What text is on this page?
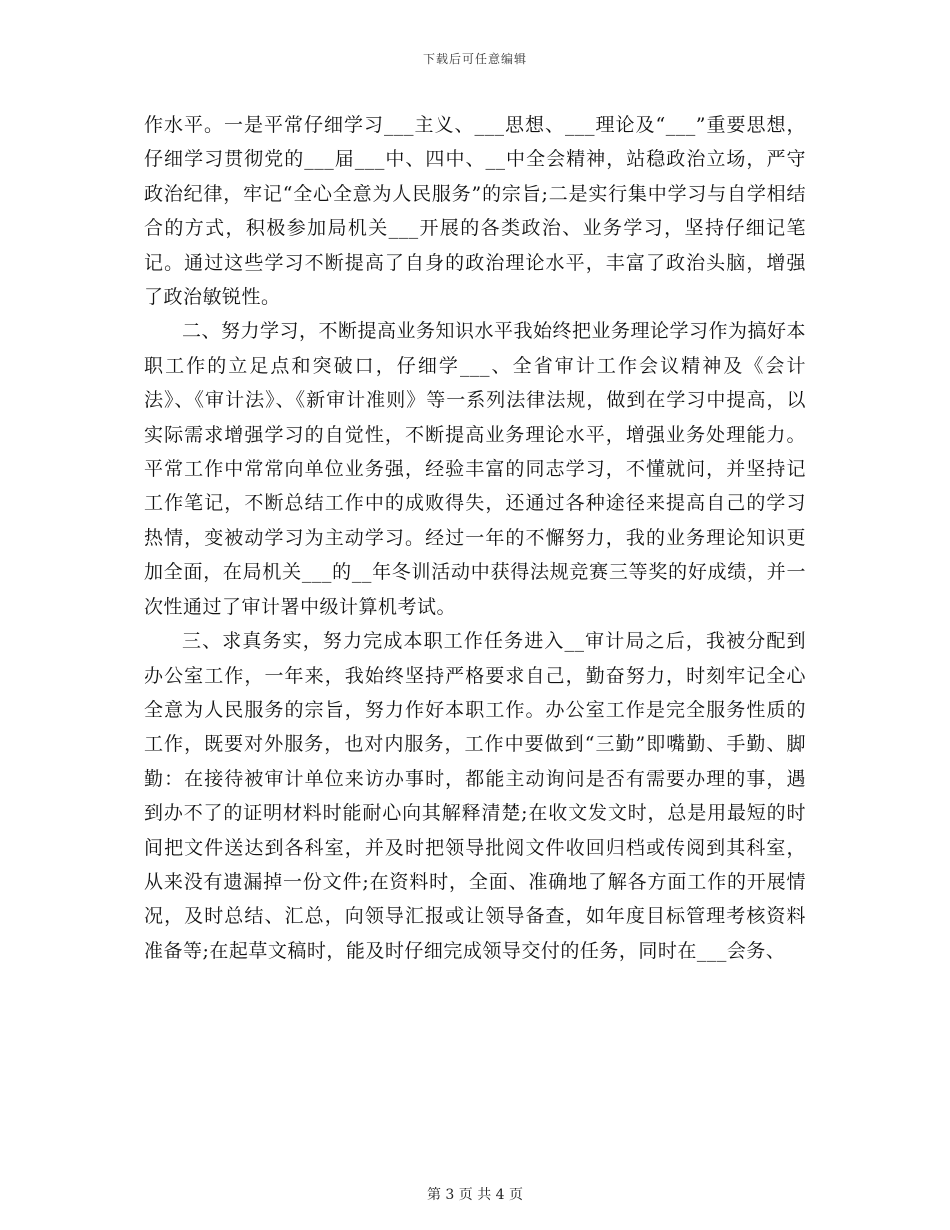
下载后可任意编辑

作水平。一是平常仔细学习___主义、___思想、___理论及“___”重要思想，仔细学习贯彻党的___届___中、四中、__中全会精神，站稳政治立场，严守政治纪律，牢记“全心全意为人民服务”的宗旨;二是实行集中学习与自学相结合的方式，积极参加局机关___开展的各类政治、业务学习，坚持仔细记笔记。通过这些学习不断提高了自身的政治理论水平，丰富了政治头脑，增强了政治敏锐性。

二、努力学习，不断提高业务知识水平我始终把业务理论学习作为搞好本职工作的立足点和突破口，仔细学___、全省审计工作会议精神及《会计法》、《审计法》、《新审计准则》等一系列法律法规，做到在学习中提高，以实际需求增强学习的自觉性，不断提高业务理论水平，增强业务处理能力。平常工作中常常向单位业务强，经验丰富的同志学习，不懂就问，并坚持记工作笔记，不断总结工作中的成败得失，还通过各种途径来提高自己的学习热情，变被动学习为主动学习。经过一年的不懈努力，我的业务理论知识更加全面，在局机关___的__年冬训活动中获得法规竞赛三等奖的好成绩，并一次性通过了审计署中级计算机考试。

三、求真务实，努力完成本职工作任务进入__审计局之后，我被分配到办公室工作，一年来，我始终坚持严格要求自己，勤奋努力，时刻牢记全心全意为人民服务的宗旨，努力作好本职工作。办公室工作是完全服务性质的工作，既要对外服务，也对内服务，工作中要做到“三勤”即嘴勤、手勤、脚勤：在接待被审计单位来访办事时，都能主动询问是否有需要办理的事，遇到办不了的证明材料时能耐心向其解释清楚;在收文发文时，总是用最短的时间把文件送达到各科室，并及时把领导批阅文件收回归档或传阅到其科室，从来没有遗漏掉一份文件;在资料时，全面、准确地了解各方面工作的开展情况，及时总结、汇总，向领导汇报或让领导备查，如年度目标管理考核资料准备等;在起草文稿时，能及时仔细完成领导交付的任务，同时在___会务、

第 3 页 共 4 页
